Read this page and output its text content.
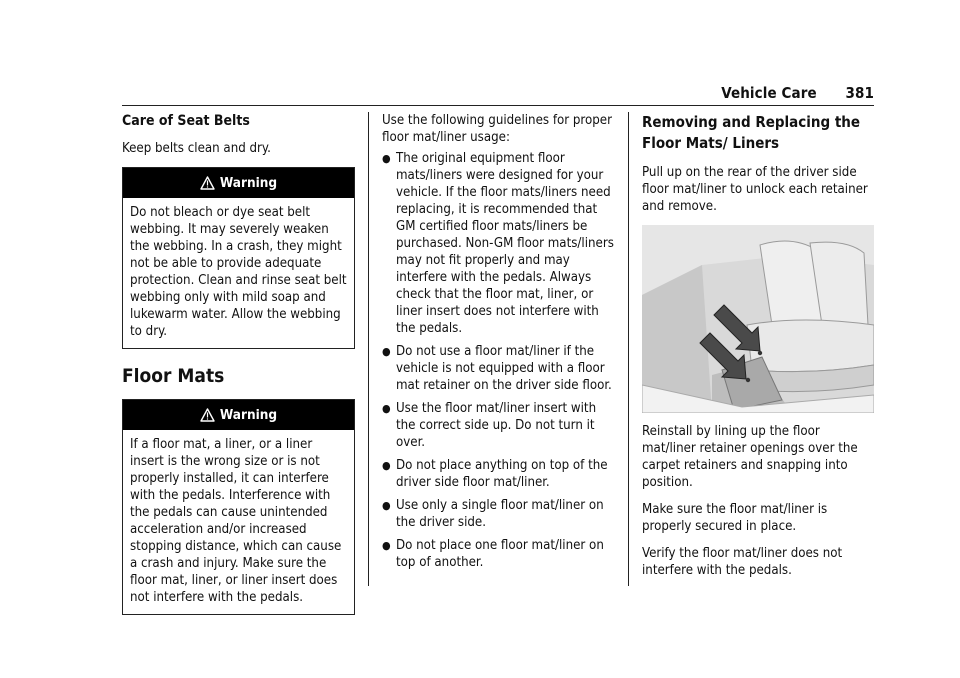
Vehicle Care 381
Care of Seat Belts

Keep belts clean and dry.

Warning
Do not bleach or dye seat belt webbing. It may severely weaken the webbing. In a crash, they might not be able to provide adequate protection. Clean and rinse seat belt webbing only with mild soap and lukewarm water. Allow the webbing to dry.
Floor Mats
Warning
If a floor mat, a liner, or a liner insert is the wrong size or is not properly installed, it can interfere with the pedals. Interference with the pedals can cause unintended acceleration and/or increased stopping distance, which can cause a crash and injury. Make sure the floor mat, liner, or liner insert does not interfere with the pedals.

Use the following guidelines for proper floor mat/liner usage:

● The original equipment floor mats/liners were designed for your vehicle. If the floor mats/liners need replacing, it is recommended that GM certified floor mats/liners be purchased. Non-GM floor mats/liners may not fit properly and may interfere with the pedals. Always check that the floor mat, liner, or liner insert does not interfere with the pedals.
● Do not use a floor mat/liner if the vehicle is not equipped with a floor mat retainer on the driver side floor.
● Use the floor mat/liner insert with the correct side up. Do not turn it over.
● Do not place anything on top of the driver side floor mat/liner.
● Use only a single floor mat/liner on the driver side.
● Do not place one floor mat/liner on top of another.
Removing and Replacing the Floor Mats/ Liners

Pull up on the rear of the driver side floor mat/liner to unlock each retainer and remove.

Reinstall by lining up the floor mat/liner retainer openings over the carpet retainers and snapping into position.

Make sure the floor mat/liner is properly secured in place.

Verify the floor mat/liner does not interfere with the pedals.
